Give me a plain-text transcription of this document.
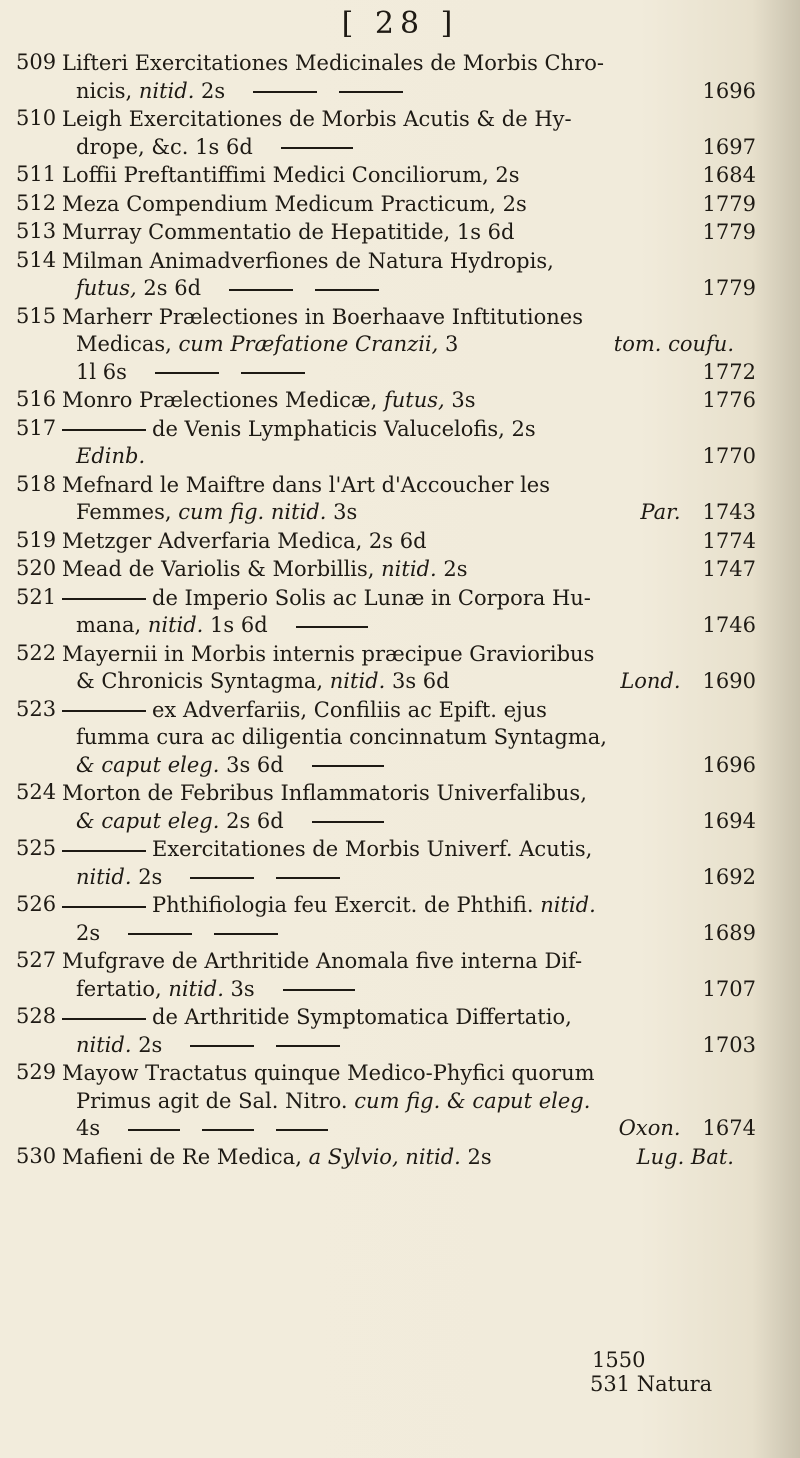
[ 28 ]
509 Lifteri Exercitationes Medicinales de Morbis Chro-
nicis, nitid. 2s	1696
510 Leigh Exercitationes de Morbis Acutis & de Hy-
drope, &c. 1s 6d	1697
511 Loffii Preftantiffimi Medici Conciliorum, 2s	1684
512 Meza Compendium Medicum Practicum, 2s	1779
513 Murray Commentatio de Hepatitide, 1s 6d	1779
514 Milman Animadverfiones de Natura Hydropis,
futus, 2s 6d	1779
515 Marherr Prælectiones in Boerhaave Inftitutiones
Medicas, cum Præfatione Cranzii, 3	tom. coufu.
1l 6s	1772
516 Monro Prælectiones Medicæ, futus, 3s	1776
517	de Venis Lymphaticis Valucelofis, 2s
Edinb.	1770
518 Mefnard le Maiftre dans l'Art d'Accoucher les
Femmes, cum fig. nitid. 3s	Par. 1743
519 Metzger Adverfaria Medica, 2s 6d	1774
520 Mead de Variolis & Morbillis, nitid. 2s	1747
521	de Imperio Solis ac Lunæ in Corpora Hu-
mana, nitid. 1s 6d	1746
522 Mayernii in Morbis internis præcipue Gravioribus
& Chronicis Syntagma, nitid. 3s 6d	Lond. 1690
523	ex Adverfariis, Confiliis ac Epift. ejus
fumma cura ac diligentia concinnatum Syntagma,
& caput eleg. 3s 6d	1696
524 Morton de Febribus Inflammatoris Univerfalibus,
& caput eleg. 2s 6d	1694
525	Exercitationes de Morbis Univerf. Acutis,
nitid. 2s	1692
526	Phthifiologia feu Exercit. de Phthifi. nitid.
2s	1689
527 Mufgrave de Arthritide Anomala five interna Dif-
fertatio, nitid. 3s	1707
528	de Arthritide Symptomatica Differtatio,
nitid. 2s	1703
529 Mayow Tractatus quinque Medico-Phyfici quorum
Primus agit de Sal. Nitro. cum fig. & caput eleg.
4s	Oxon. 1674
530 Mafieni de Re Medica, a Sylvio, nitid. 2s	Lug. Bat.
1550
531 Natura
